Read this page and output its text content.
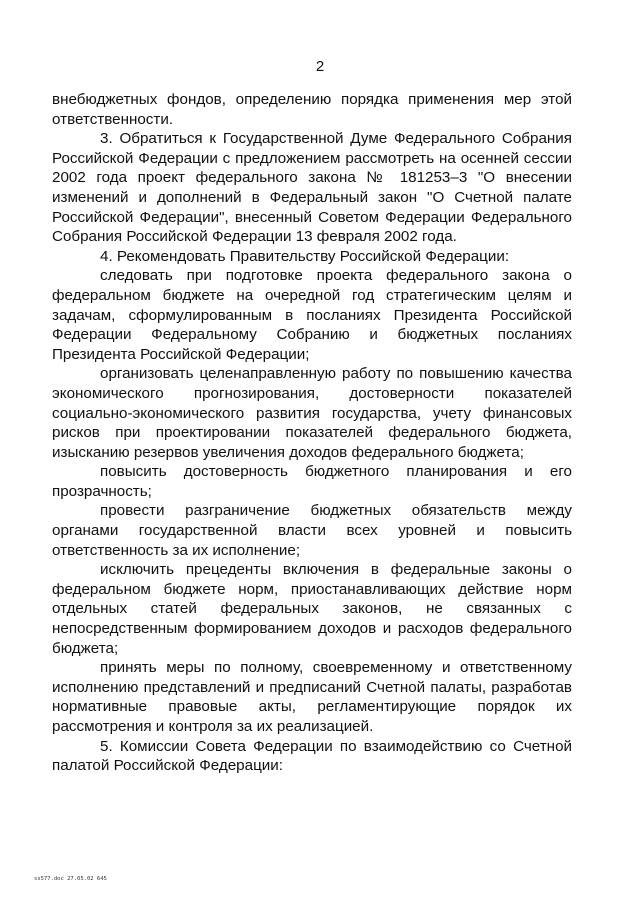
2

внебюджетных фондов, определению порядка применения мер этой ответственности.

3. Обратиться к Государственной Думе Федерального Собрания Российской Федерации с предложением рассмотреть на осенней сессии 2002 года проект федерального закона № 181253–3 "О внесении изменений и дополнений в Федеральный закон "О Счетной палате Российской Федерации", внесенный Советом Федерации Федерального Собрания Российской Федерации 13 февраля 2002 года.

4. Рекомендовать Правительству Российской Федерации:

следовать при подготовке проекта федерального закона о федеральном бюджете на очередной год стратегическим целям и задачам, сформулированным в посланиях Президента Российской Федерации Федеральному Собранию и бюджетных посланиях Президента Российской Федерации;

организовать целенаправленную работу по повышению качества экономического прогнозирования, достоверности показателей социально-экономического развития государства, учету финансовых рисков при проектировании показателей федерального бюджета, изысканию резервов увеличения доходов федерального бюджета;

повысить достоверность бюджетного планирования и его прозрачность;

провести разграничение бюджетных обязательств между органами государственной власти всех уровней и повысить ответственность за их исполнение;

исключить прецеденты включения в федеральные законы о федеральном бюджете норм, приостанавливающих действие норм отдельных статей федеральных законов, не связанных с непосредственным формированием доходов и расходов федерального бюджета;

принять меры по полному, своевременному и ответственному исполнению представлений и предписаний Счетной палаты, разработав нормативные правовые акты, регламентирующие порядок их рассмотрения и контроля за их реализацией.

5. Комиссии Совета Федерации по взаимодействию со Счетной палатой Российской Федерации:

ss577.doc 27.05.02 645
